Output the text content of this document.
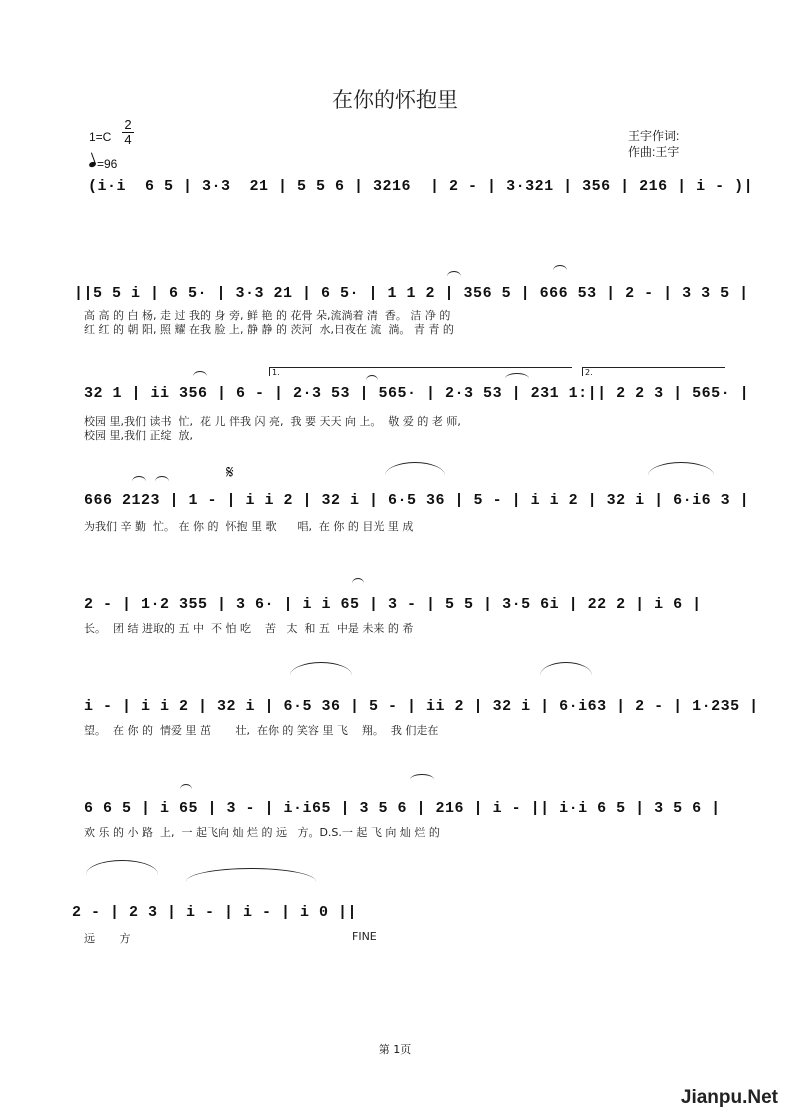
在你的怀抱里
1=C
2
4
=96
王宇作词:
作曲:王宇
(i·i  6 5 | 3·3  21 | 5 5 6 | 3216  | 2 - | 3·321 | 356 | 216 | i - )|
||5 5 i | 6 5· | 3·3 21 | 6 5· | 1 1 2 | 356 5 | 666 53 | 2 - | 3 3 5 |
高 高 的 白 杨, 走 过 我的 身 旁, 鲜 艳 的 花骨 朵,流淌着 清  香。 洁 净 的
红 红 的 朝 阳, 照 耀 在我 脸 上, 静 静 的 茨河  水,日夜在 流  淌。 青 青 的
1.	2.
32 1 | ii 356 | 6 - | 2·3 53 | 565· | 2·3 53 | 231 1:|| 2 2 3 | 565· |
校园 里,我们 读书  忙,  花 儿 伴我 闪 亮,  我 要 天天 向 上。  敬 爱 的 老 师,
校园 里,我们 正绽  放,
𝄋
666 2123 | 1 - | i i 2 | 32 i | 6·5 36 | 5 - | i i 2 | 32 i | 6·i6 3 |
为我们 辛 勤  忙。 在 你 的  怀抱 里 歌      唱,  在 你 的 目光 里 成
2 - | 1·2 355 | 3 6· | i i 65 | 3 - | 5 5 | 3·5 6i | 22 2 | i 6 |
长。  团 结 进取的 五 中  不 怕 吃    苦   太  和 五  中是 未来 的 希
i - | i i 2 | 32 i | 6·5 36 | 5 - | ii 2 | 32 i | 6·i63 | 2 - | 1·235 |
望。  在 你 的  情爱 里 茁       壮,  在你 的 笑容 里 飞    翔。  我 们走在
6 6 5 | i 65 | 3 - | i·i65 | 3 5 6 | 216 | i - || i·i 6 5 | 3 5 6 |
欢 乐 的 小 路  上,  一 起飞向 灿 烂 的 远   方。D.S.一 起 飞 向 灿 烂 的
2 - | 2 3 | i - | i - | i 0 ||
远       方	FINE
第 1页
Jianpu.Net
